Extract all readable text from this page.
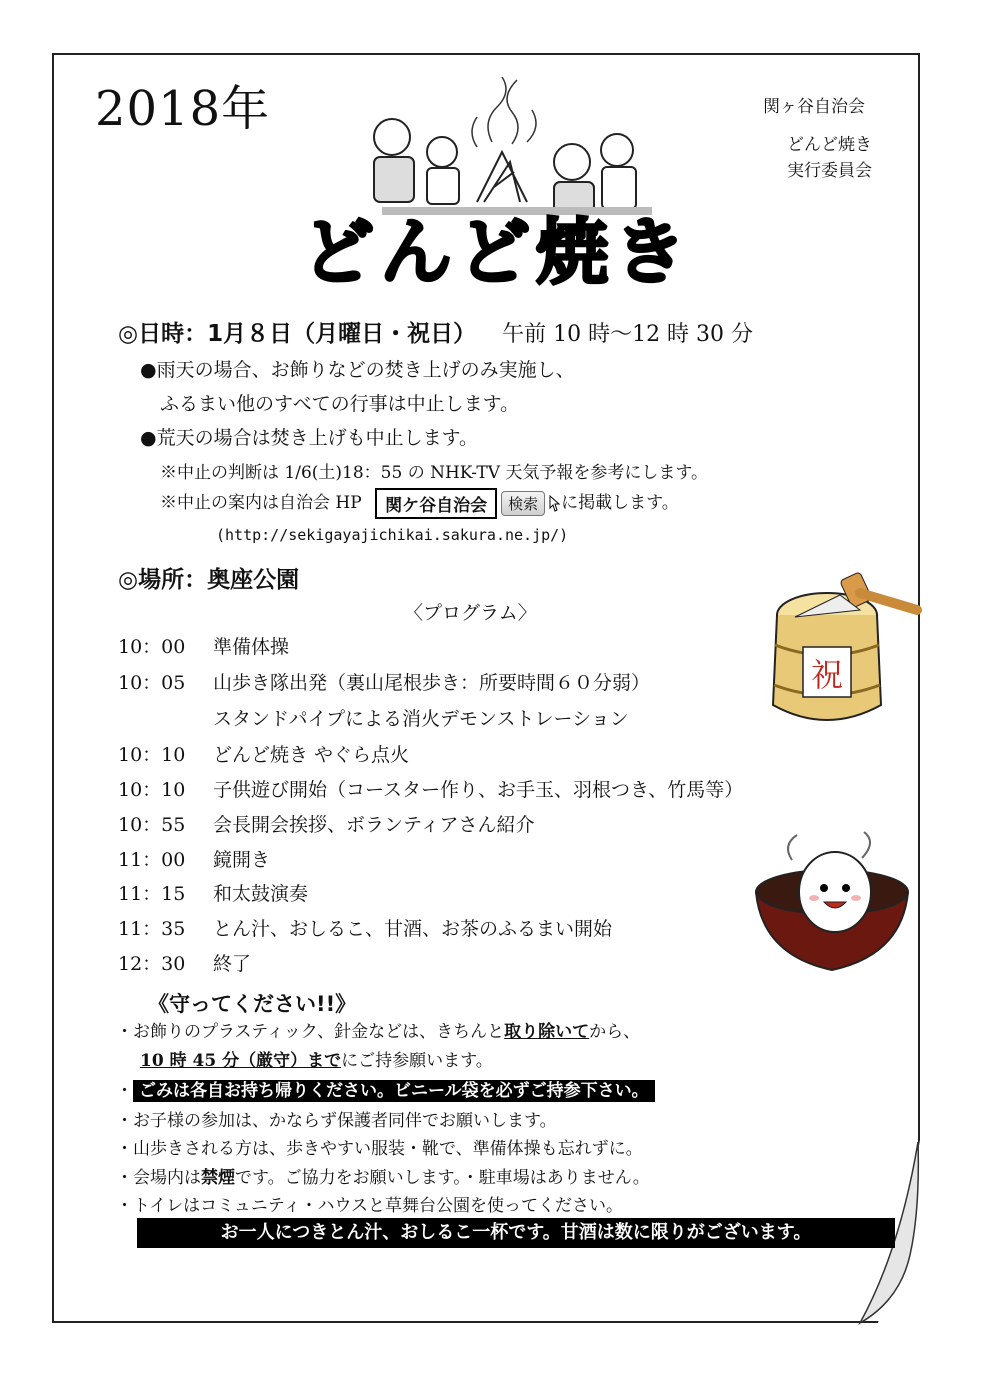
2018年	関ヶ谷自治会
どんど焼き
実行委員会
どんど焼き
◎日時：1月８日（月曜日・祝日） 午前 10 時～12 時 30 分
●雨天の場合、お飾りなどの焚き上げのみ実施し、
ふるまい他のすべての行事は中止します。
●荒天の場合は焚き上げも中止します。
※中止の判断は 1/6(土)18：55 の NHK-TV 天気予報を参考にします。
※中止の案内は自治会 HP 関ケ谷自治会 検索 に掲載します。
(http://sekigayajichikai.sakura.ne.jp/)
◎場所：奥座公園
〈プログラム〉
10：00 準備体操
10：05 山歩き隊出発（裏山尾根歩き：所要時間６０分弱）
スタンドパイプによる消火デモンストレーション
10：10 どんど焼き やぐら点火
10：10 子供遊び開始（コースター作り、お手玉、羽根つき、竹馬等）
10：55 会長開会挨拶、ボランティアさん紹介
11：00 鏡開き
11：15 和太鼓演奏
11：35 とん汁、おしるこ、甘酒、お茶のふるまい開始
12：30 終了
祝
《守ってください!!》
・お飾りのプラスティック、針金などは、きちんと取り除いてから、
10 時 45 分（厳守）までにご持参願います。
・ ごみは各自お持ち帰りください。ビニール袋を必ずご持参下さい。
・お子様の参加は、かならず保護者同伴でお願いします。
・山歩きされる方は、歩きやすい服装・靴で、準備体操も忘れずに。
・会場内は禁煙です。ご協力をお願いします。・駐車場はありません。
・トイレはコミュニティ・ハウスと草舞台公園を使ってください。
お一人につきとん汁、おしるこ一杯です。甘酒は数に限りがございます。
